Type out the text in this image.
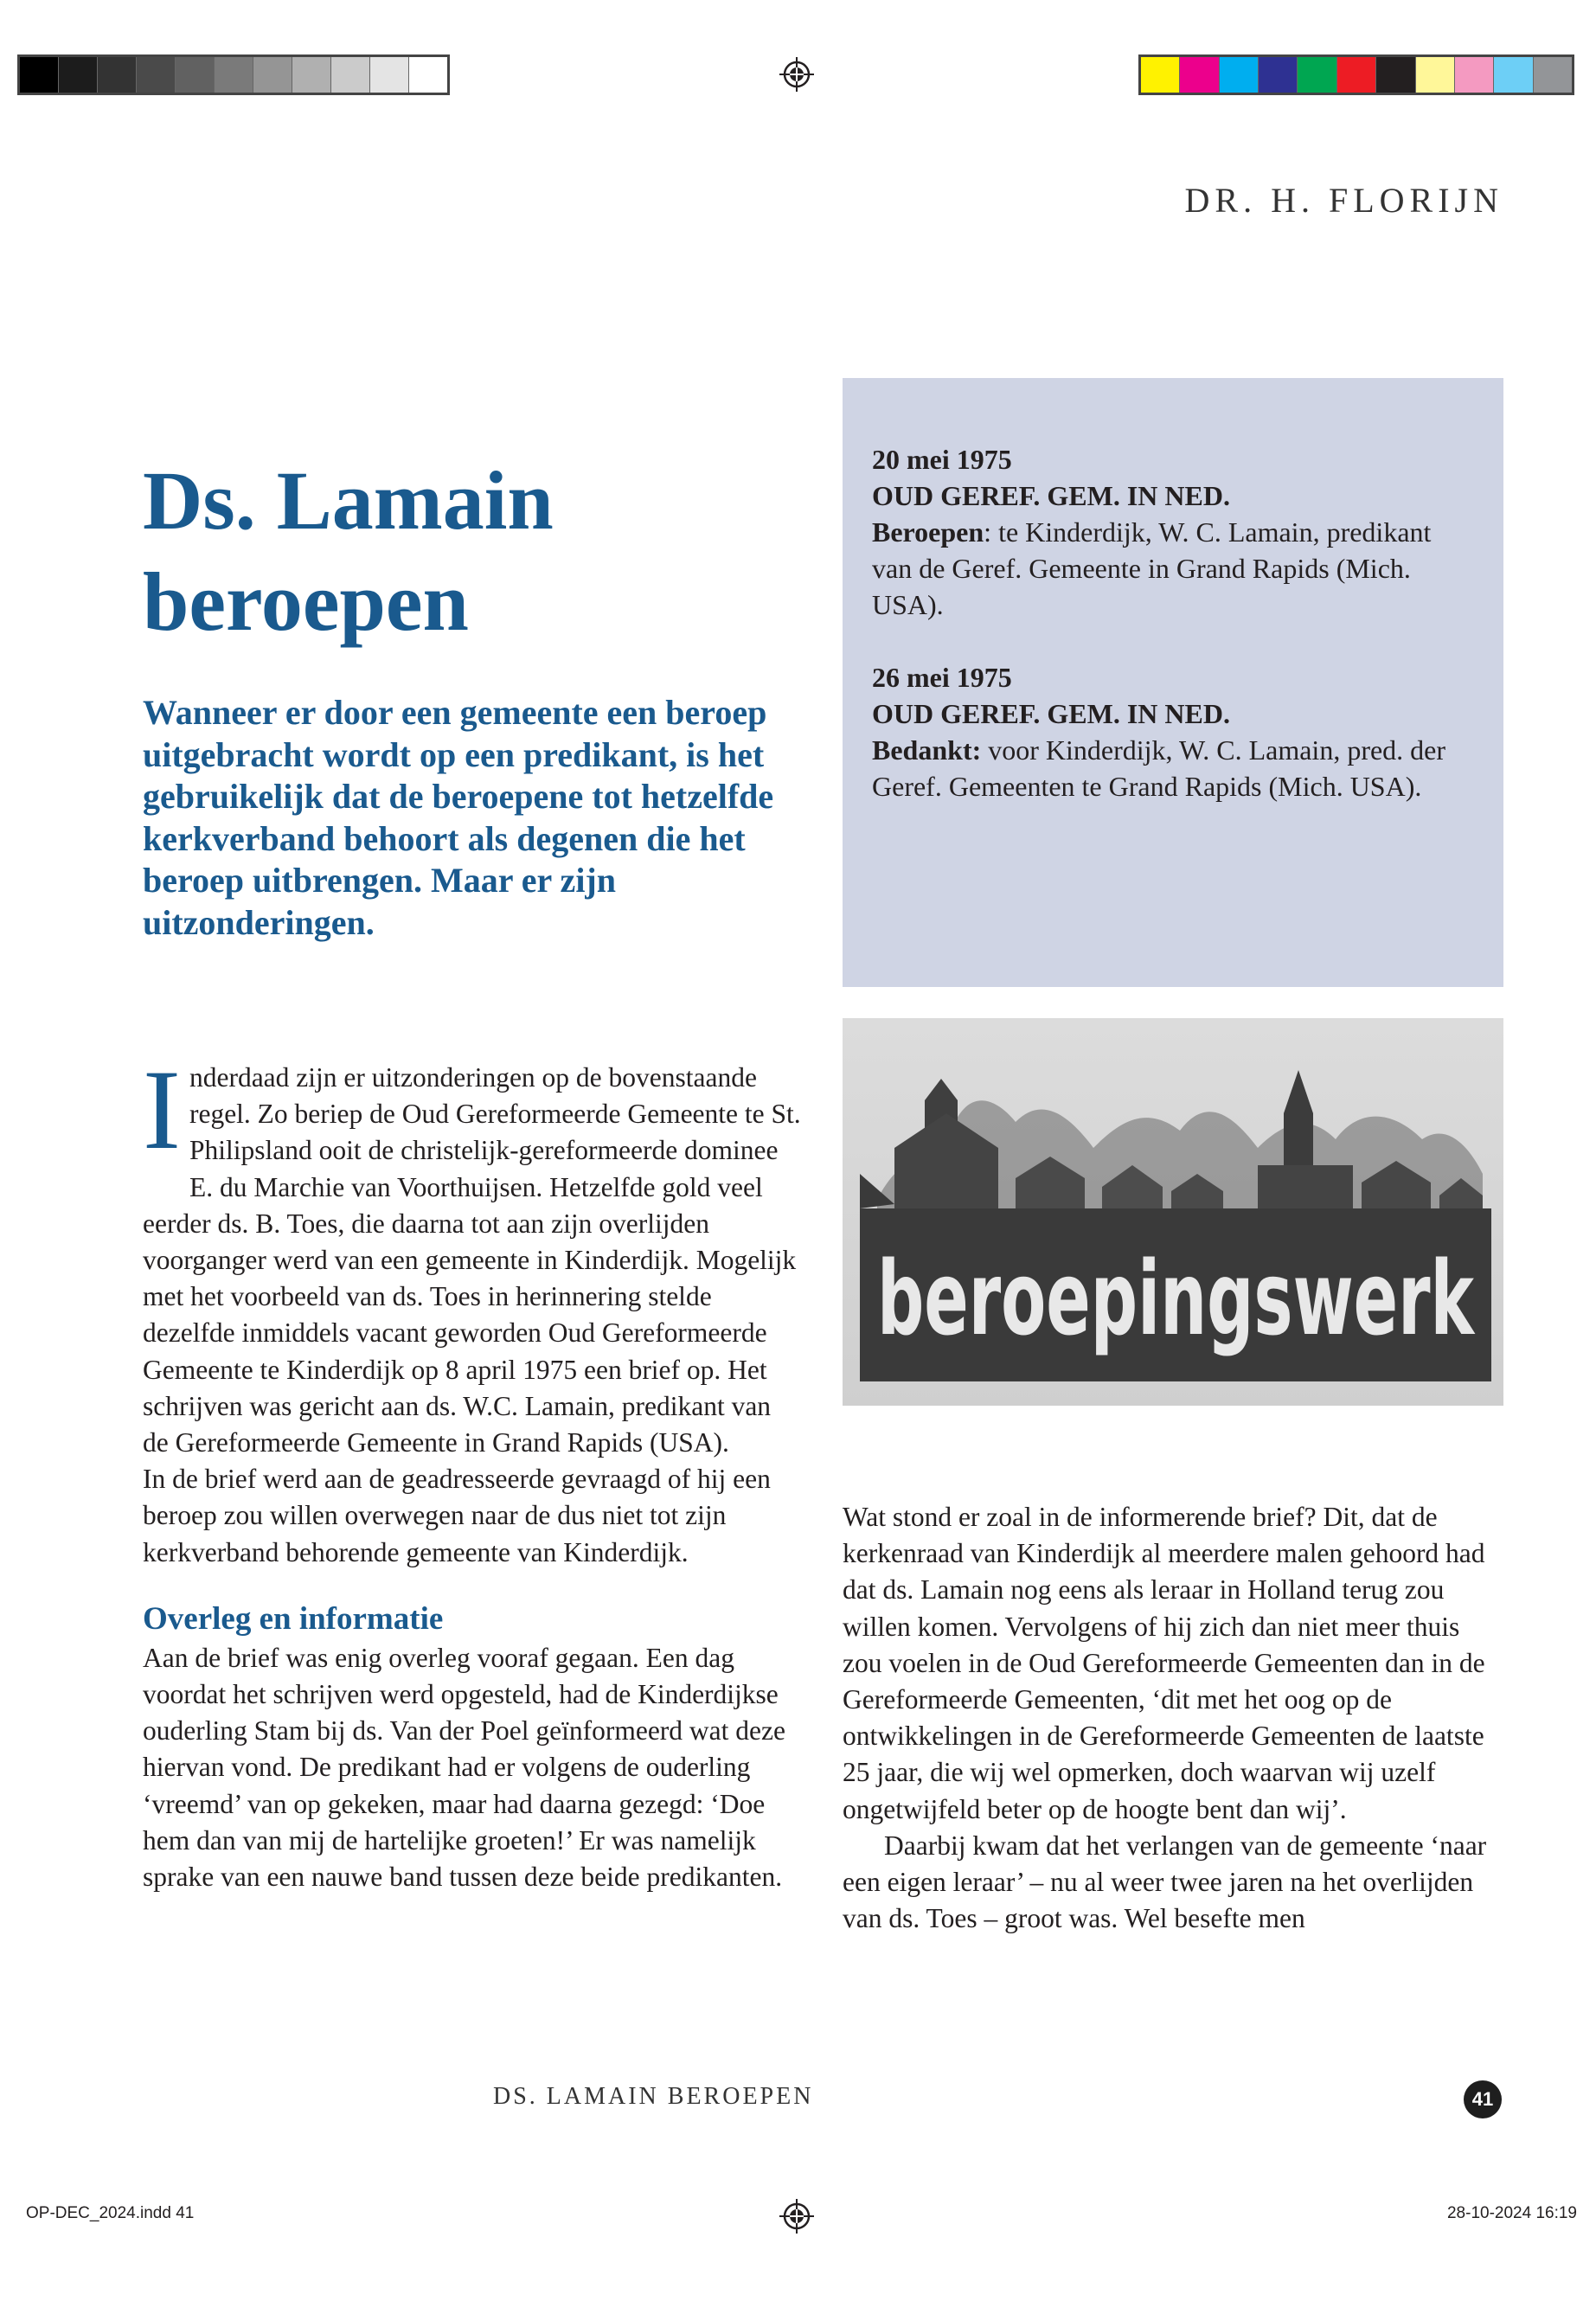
DR. H. FLORIJN
Ds. Lamain
beroepen
Wanneer er door een gemeente een beroep uitgebracht wordt op een predikant, is het gebruikelijk dat de beroepene tot hetzelfde kerkverband behoort als degenen die het beroep uitbrengen. Maar er zijn uitzonderingen.
20 mei 1975
OUD GEREF. GEM. IN NED.
Beroepen: te Kinderdijk, W. C. Lamain, predikant van de Geref. Gemeente in Grand Rapids (Mich. USA).
26 mei 1975
OUD GEREF. GEM. IN NED.
Bedankt: voor Kinderdijk, W. C. Lamain, pred. der Geref. Gemeenten te Grand Rapids (Mich. USA).
beroepingswerk

Inderdaad zijn er uitzonderingen op de bovenstaande regel. Zo beriep de Oud Gereformeerde Gemeente te St. Philipsland ooit de christelijk-gereformeerde dominee E. du Marchie van Voorthuijsen. Hetzelfde gold veel eerder ds. B. Toes, die daarna tot aan zijn overlijden voorganger werd van een gemeente in Kinderdijk. Mogelijk met het voorbeeld van ds. Toes in herinnering stelde dezelfde inmiddels vacant geworden Oud Gereformeerde Gemeente te Kinderdijk op 8 april 1975 een brief op. Het schrijven was gericht aan ds. W.C. Lamain, predikant van de Gereformeerde Gemeente in Grand Rapids (USA).

In de brief werd aan de geadresseerde gevraagd of hij een beroep zou willen overwegen naar de dus niet tot zijn kerkverband behorende gemeente van Kinderdijk.

Overleg en informatie

Aan de brief was enig overleg vooraf gegaan. Een dag voordat het schrijven werd opgesteld, had de Kinderdijkse ouderling Stam bij ds. Van der Poel geïnformeerd wat deze hiervan vond. De predikant had er volgens de ouderling ‘vreemd’ van op gekeken, maar had daarna gezegd: ‘Doe hem dan van mij de hartelijke groeten!’ Er was namelijk sprake van een nauwe band tussen deze beide predikanten.

Wat stond er zoal in de informerende brief? Dit, dat de kerkenraad van Kinderdijk al meerdere malen gehoord had dat ds. Lamain nog eens als leraar in Holland terug zou willen komen. Vervolgens of hij zich dan niet meer thuis zou voelen in de Oud Gereformeerde Gemeenten dan in de Gereformeerde Gemeenten, ‘dit met het oog op de ontwikkelingen in de Gereformeerde Gemeenten de laatste 25 jaar, die wij wel opmerken, doch waarvan wij uzelf ongetwijfeld beter op de hoogte bent dan wij’.

Daarbij kwam dat het verlangen van de gemeente ‘naar een eigen leraar’ – nu al weer twee jaren na het overlijden van ds. Toes – groot was. Wel besefte men

DS. LAMAIN BEROEPEN	41
OP-DEC_2024.indd 41	28-10-2024 16:19
